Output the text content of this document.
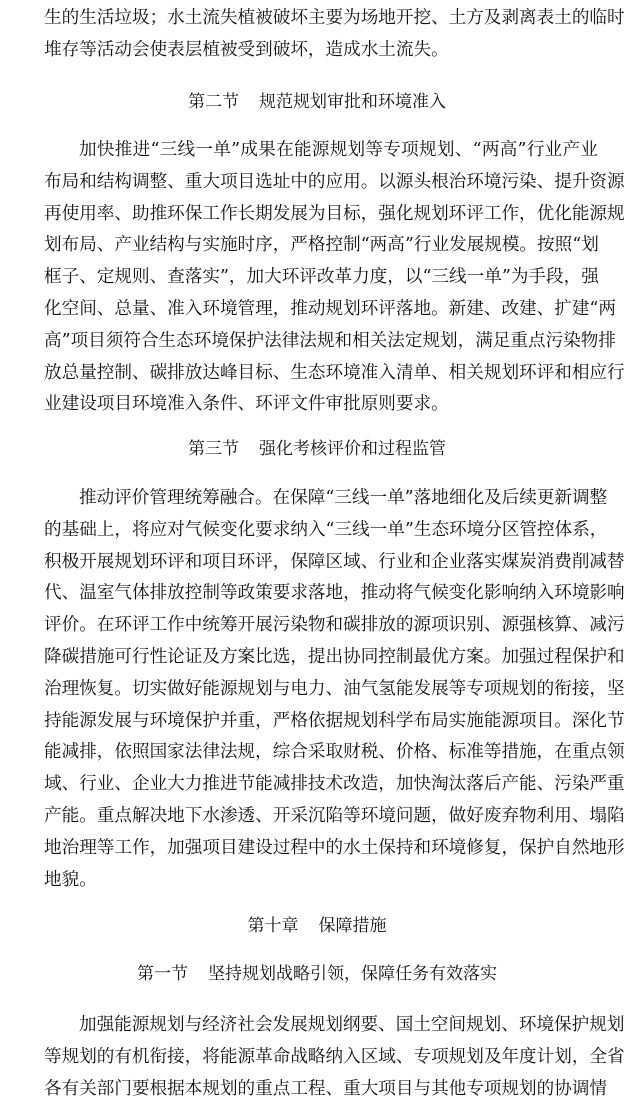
生的生活垃圾；水土流失植被破坏主要为场地开挖、土方及剥离表土的临时
堆存等活动会使表层植被受到破坏，造成水土流失。
第二节 规范规划审批和环境准入
加快推进“三线一单”成果在能源规划等专项规划、“两高”行业产业
布局和结构调整、重大项目选址中的应用。以源头根治环境污染、提升资源
再使用率、助推环保工作长期发展为目标，强化规划环评工作，优化能源规
划布局、产业结构与实施时序，严格控制“两高”行业发展规模。按照“划
框子、定规则、查落实”，加大环评改革力度，以“三线一单”为手段，强
化空间、总量、准入环境管理，推动规划环评落地。新建、改建、扩建“两
高”项目须符合生态环境保护法律法规和相关法定规划，满足重点污染物排
放总量控制、碳排放达峰目标、生态环境准入清单、相关规划环评和相应行
业建设项目环境准入条件、环评文件审批原则要求。
第三节 强化考核评价和过程监管
推动评价管理统筹融合。在保障“三线一单”落地细化及后续更新调整
的基础上，将应对气候变化要求纳入“三线一单”生态环境分区管控体系，
积极开展规划环评和项目环评，保障区域、行业和企业落实煤炭消费削减替
代、温室气体排放控制等政策要求落地，推动将气候变化影响纳入环境影响
评价。在环评工作中统筹开展污染物和碳排放的源项识别、源强核算、减污
降碳措施可行性论证及方案比选，提出协同控制最优方案。加强过程保护和
治理恢复。切实做好能源规划与电力、油气氢能发展等专项规划的衔接，坚
持能源发展与环境保护并重，严格依据规划科学布局实施能源项目。深化节
能减排，依照国家法律法规，综合采取财税、价格、标准等措施，在重点领
域、行业、企业大力推进节能减排技术改造，加快淘汰落后产能、污染严重
产能。重点解决地下水渗透、开采沉陷等环境问题，做好废弃物利用、塌陷
地治理等工作，加强项目建设过程中的水土保持和环境修复，保护自然地形
地貌。
第十章 保障措施
第一节 坚持规划战略引领，保障任务有效落实
加强能源规划与经济社会发展规划纲要、国土空间规划、环境保护规划
等规划的有机衔接，将能源革命战略纳入区域、专项规划及年度计划，全省
各有关部门要根据本规划的重点工程、重大项目与其他专项规划的协调情
